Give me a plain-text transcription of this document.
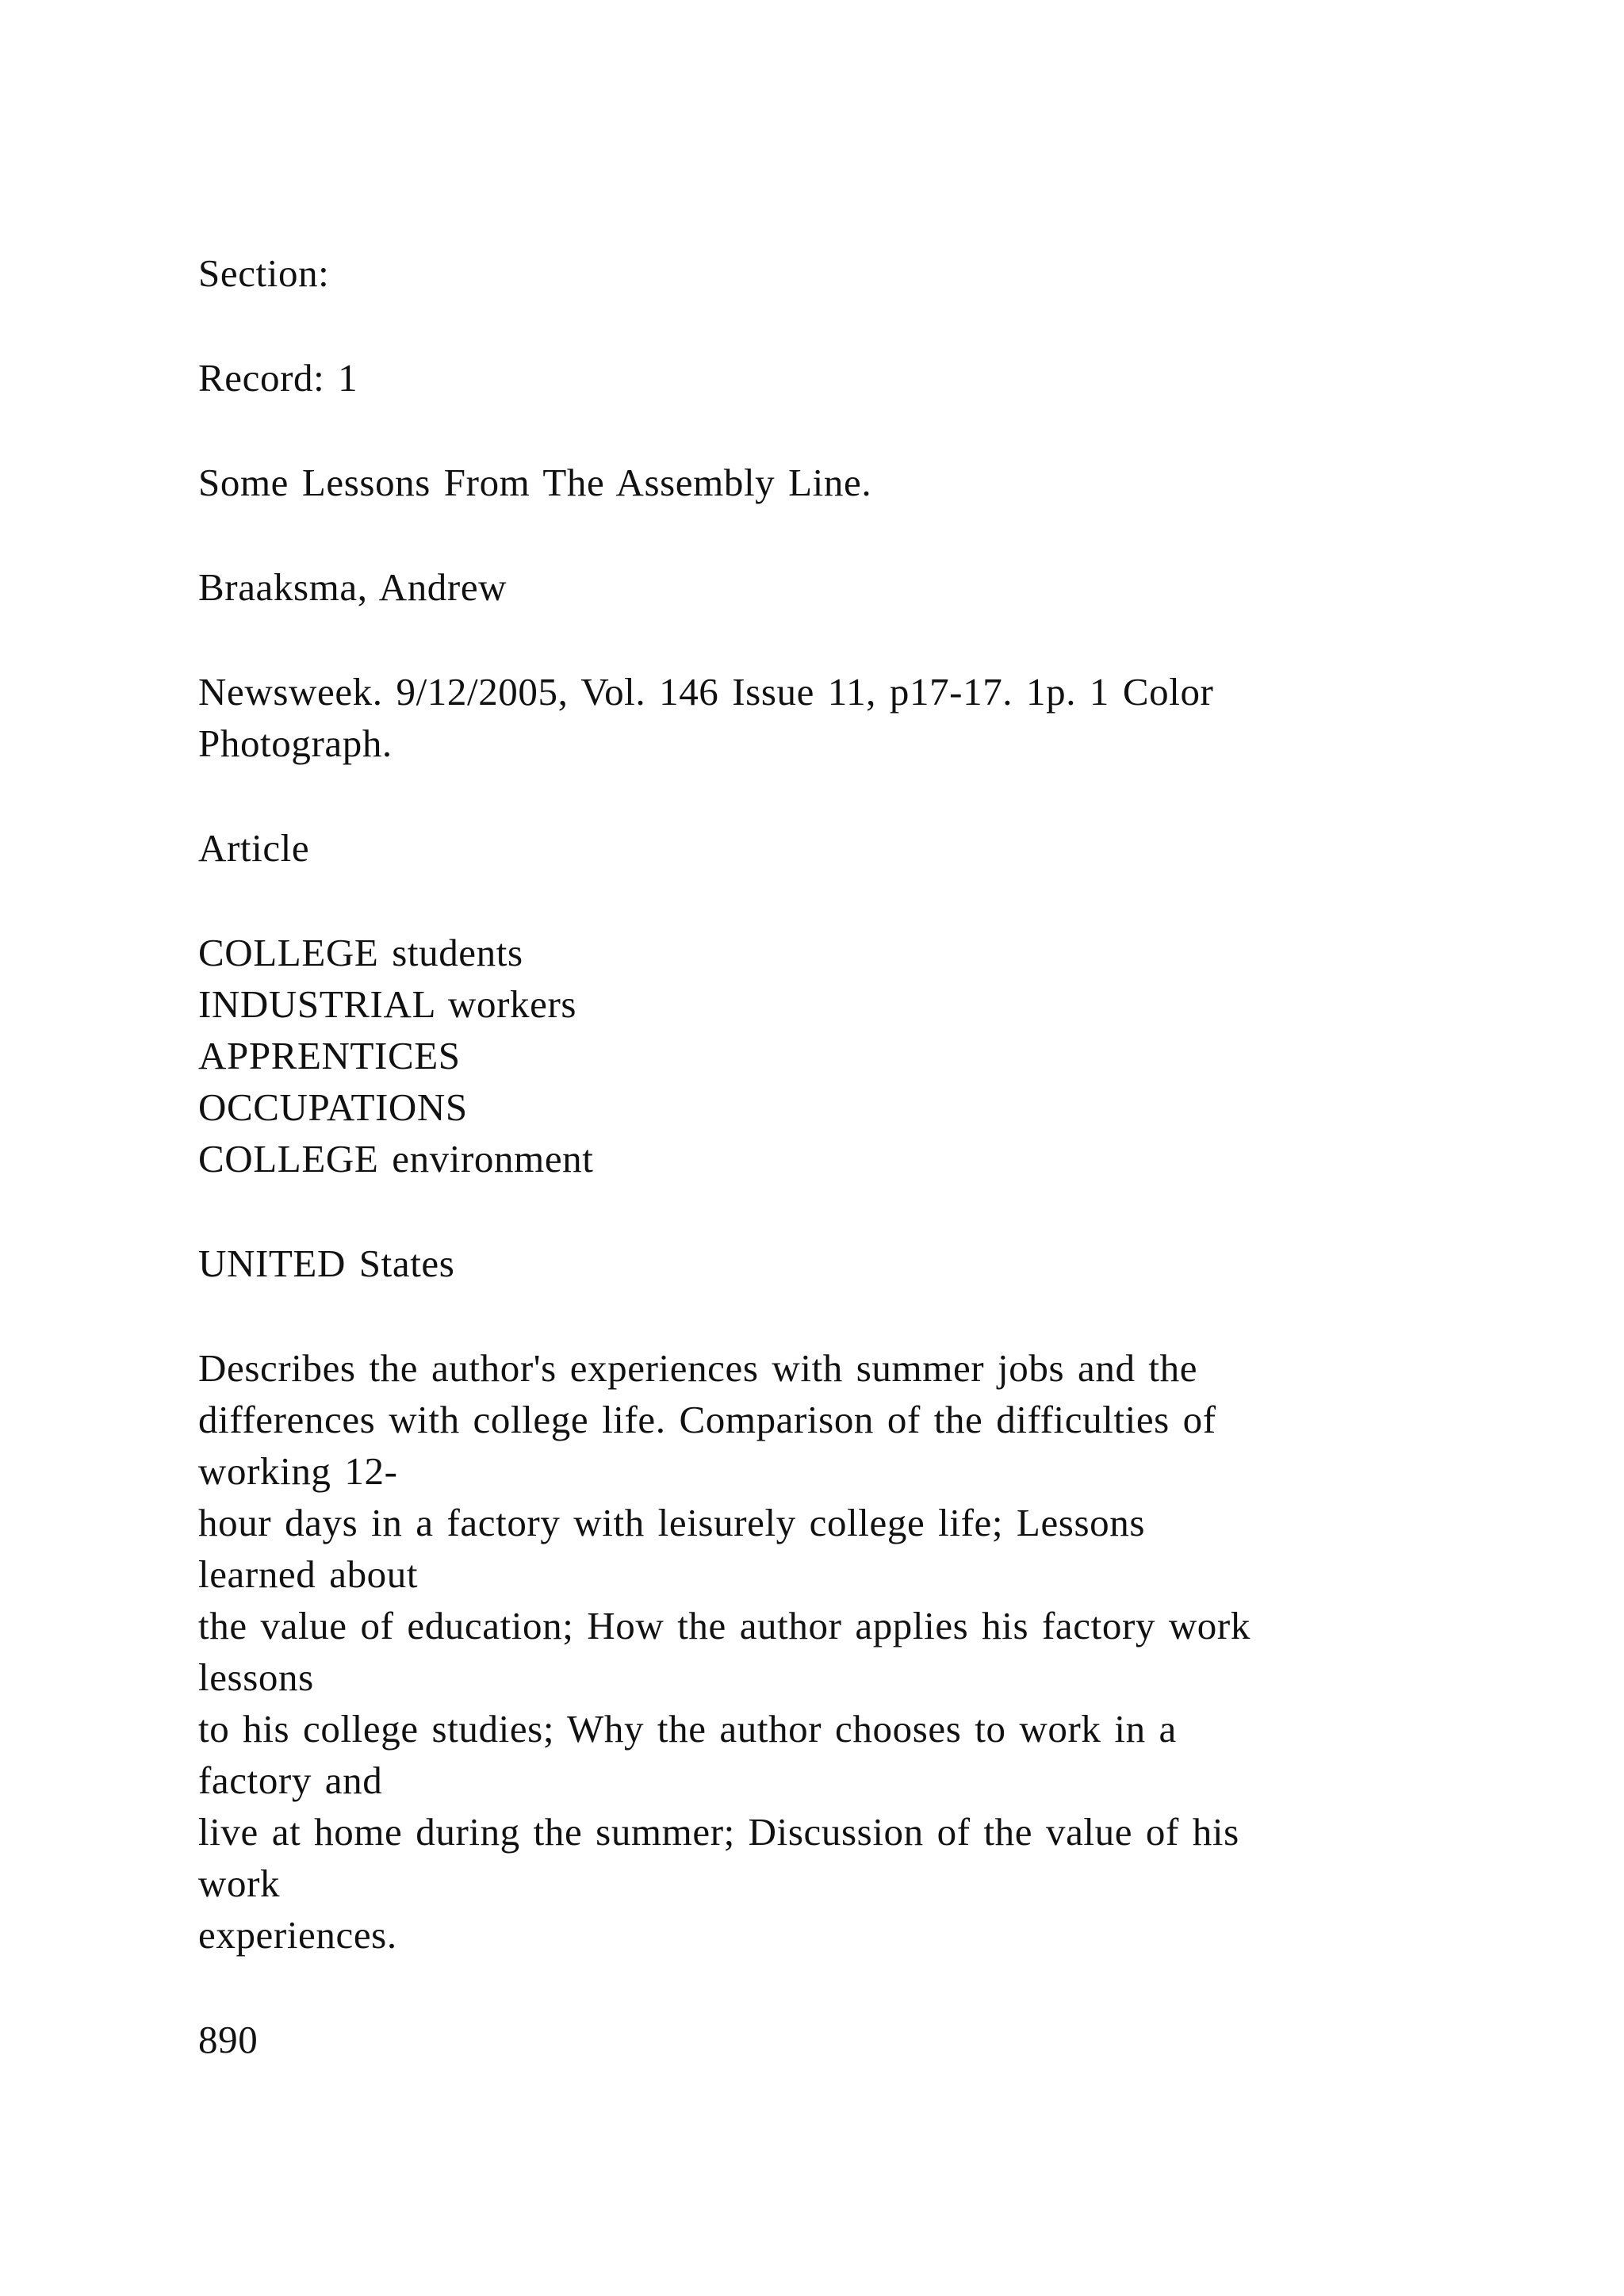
Section:

Record: 1

Some Lessons From The Assembly Line.

Braaksma, Andrew

Newsweek. 9/12/2005, Vol. 146 Issue 11, p17-17. 1p. 1 Color

Photograph.

Article

COLLEGE students

INDUSTRIAL workers

APPRENTICES

OCCUPATIONS

COLLEGE environment

UNITED States

Describes the author's experiences with summer jobs and the

differences with college life. Comparison of the difficulties of

working 12-

hour days in a factory with leisurely college life; Lessons

learned about

the value of education; How the author applies his factory work

lessons

to his college studies; Why the author chooses to work in a

factory and

live at home during the summer; Discussion of the value of his

work

experiences.

890
